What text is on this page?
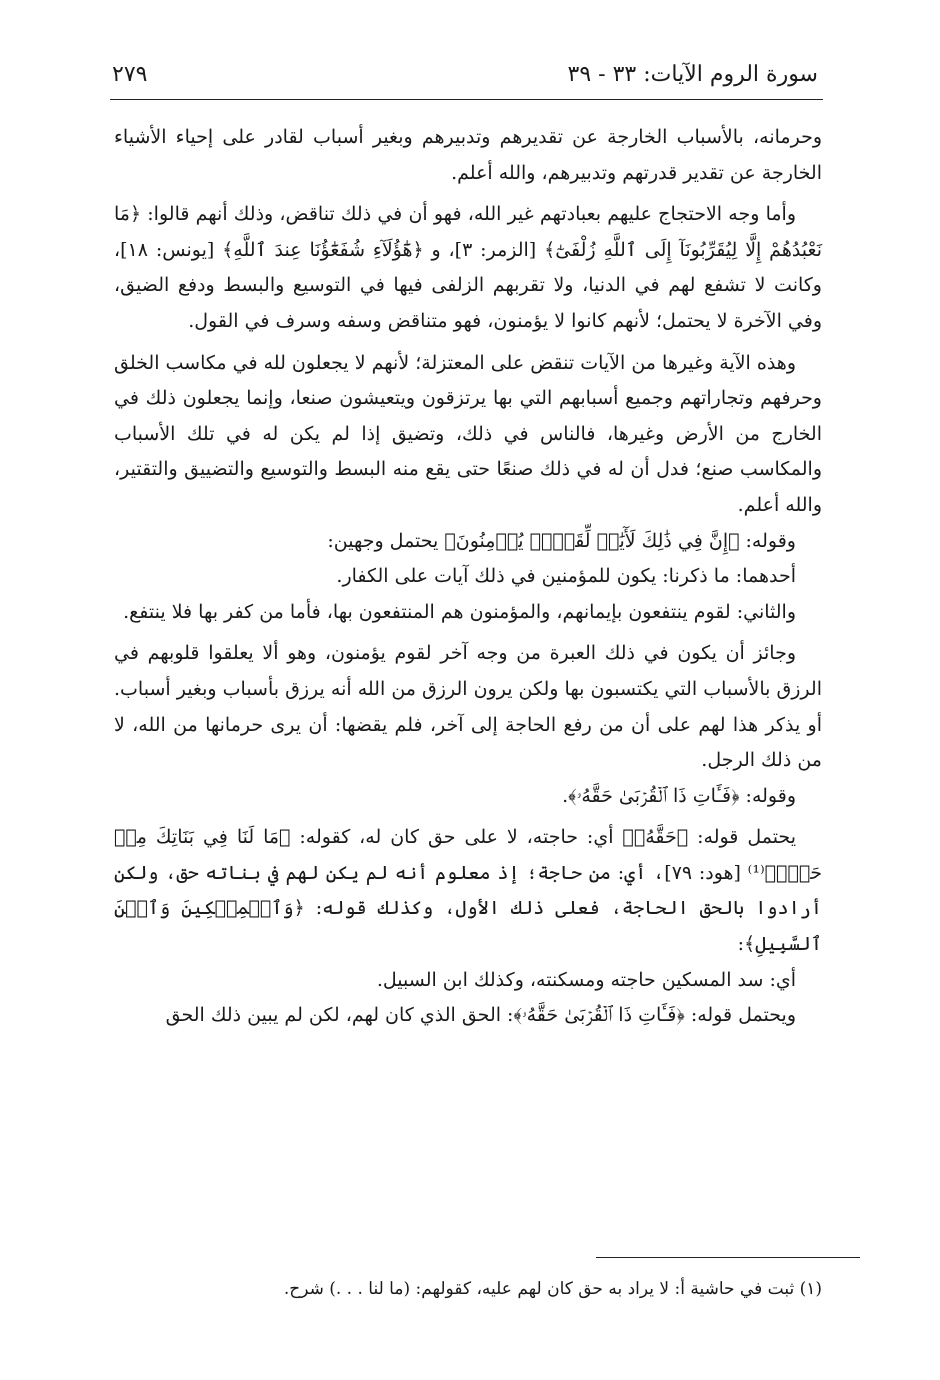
سورة الروم الآيات: ٣٣ - ٣٩
٢٧٩

وحرمانه، بالأسباب الخارجة عن تقديرهم وتدبيرهم وبغير أسباب لقادر على إحياء الأشياء الخارجة عن تقدير قدرتهم وتدبيرهم، والله أعلم.

وأما وجه الاحتجاج عليهم بعبادتهم غير الله، فهو أن في ذلك تناقض، وذلك أنهم قالوا: ﴿مَا نَعْبُدُهُمْ إِلَّا لِيُقَرِّبُونَآ إِلَى ٱللَّهِ زُلْفَىٰٓ﴾ [الزمر: ٣]، و ﴿هَٰٓؤُلَآءِ شُفَعَٰٓؤُنَا عِندَ ٱللَّهِ﴾ [يونس: ١٨]، وكانت لا تشفع لهم في الدنيا، ولا تقربهم الزلفى فيها في التوسيع والبسط ودفع الضيق، وفي الآخرة لا يحتمل؛ لأنهم كانوا لا يؤمنون، فهو متناقض وسفه وسرف في القول.

وهذه الآية وغيرها من الآيات تنقض على المعتزلة؛ لأنهم لا يجعلون لله في مكاسب الخلق وحرفهم وتجاراتهم وجميع أسبابهم التي بها يرتزقون ويتعيشون صنعا، وإنما يجعلون ذلك في الخارج من الأرض وغيرها، فالناس في ذلك، وتضيق إذا لم يكن له في تلك الأسباب والمكاسب صنع؛ فدل أن له في ذلك صنعًا حتى يقع منه البسط والتوسيع والتضييق والتقتير، والله أعلم.

وقوله: ﴿إِنَّ فِي ذَٰلِكَ لَأٓيَٰتٖ لِّقَوۡمٖ يُؤۡمِنُونَ﴾ يحتمل وجهين:

أحدهما: ما ذكرنا: يكون للمؤمنين في ذلك آيات على الكفار.

والثاني: لقوم ينتفعون بإيمانهم، والمؤمنون هم المنتفعون بها، فأما من كفر بها فلا ينتفع.

وجائز أن يكون في ذلك العبرة من وجه آخر لقوم يؤمنون، وهو ألا يعلقوا قلوبهم في الرزق بالأسباب التي يكتسبون بها ولكن يرون الرزق من الله أنه يرزق بأسباب وبغير أسباب. أو يذكر هذا لهم على أن من رفع الحاجة إلى آخر، فلم يقضها: أن يرى حرمانها من الله، لا من ذلك الرجل.

وقوله: ﴿فَـَٔاتِ ذَا ٱلۡقُرۡبَىٰ حَقَّهُۥ﴾.

يحتمل قوله: ﴿حَقَّهُۥ﴾ أي: حاجته، لا على حق كان له، كقوله: ﴿مَا لَنَا فِي بَنَاتِكَ مِنۡ حَقّٖ﴾⁽¹⁾ [هود: ٧٩]، أي: من حاجة؛ إذ معلوم أنه لم يكن لهم في بناته حق، ولكن أرادوا بالحق الحاجة، فعلى ذلك الأول، وكذلك قوله: ﴿وَٱلۡمِسۡكِينَ وَٱبۡنَ ٱلسَّبِيلِ﴾:

أي: سد المسكين حاجته ومسكنته، وكذلك ابن السبيل.

ويحتمل قوله: ﴿فَـَٔاتِ ذَا ٱلۡقُرۡبَىٰ حَقَّهُۥ﴾: الحق الذي كان لهم، لكن لم يبين ذلك الحق

(١) ثبت في حاشية أ: لا يراد به حق كان لهم عليه، كقولهم: (ما لنا . . .) شرح.
